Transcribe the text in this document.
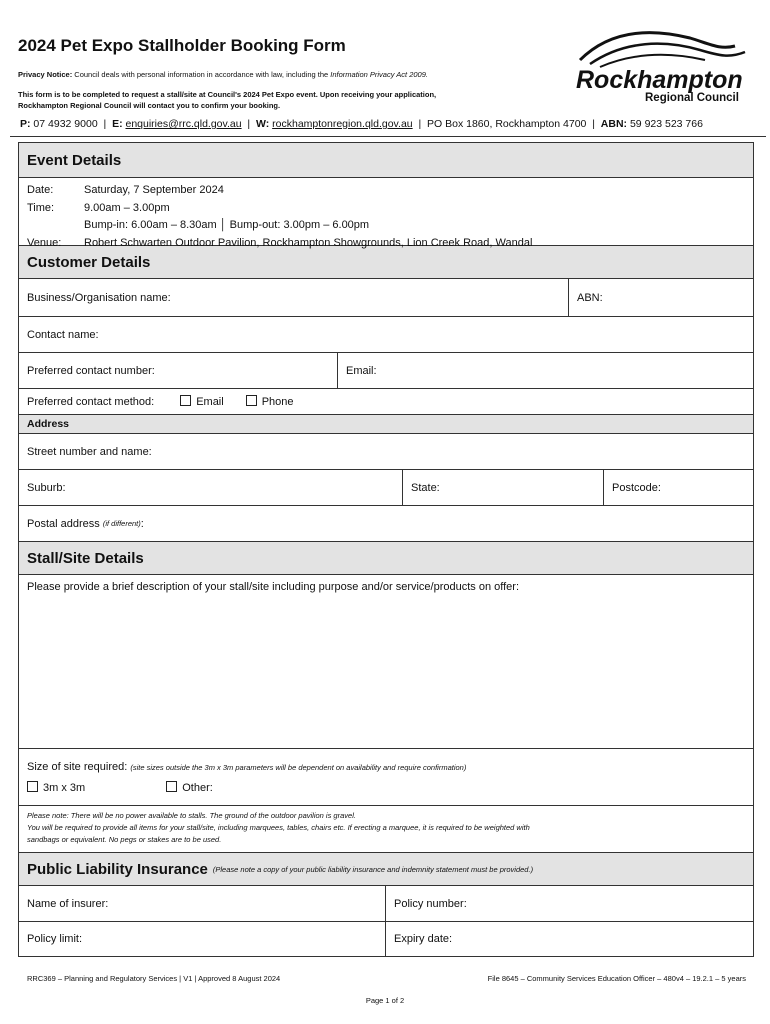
2024 Pet Expo Stallholder Booking Form
Privacy Notice: Council deals with personal information in accordance with law, including the Information Privacy Act 2009.
This form is to be completed to request a stall/site at Council's 2024 Pet Expo event. Upon receiving your application,
Rockhampton Regional Council will contact you to confirm your booking.
Rockhampton
Regional Council
P: 07 4932 9000  |  E: enquiries@rrc.qld.gov.au  |  W: rockhamptonregion.qld.gov.au  |  PO Box 1860, Rockhampton 4700  |  ABN: 59 923 523 766
Event Details
Date:	Saturday, 7 September 2024
Time:	9.00am – 3.00pm
Bump-in: 6.00am – 8.30am │ Bump-out: 3.00pm – 6.00pm
Venue:	Robert Schwarten Outdoor Pavilion, Rockhampton Showgrounds, Lion Creek Road, Wandal
Customer Details
Business/Organisation name:	ABN:
Contact name:
Preferred contact number:	Email:
Preferred contact method:	Email	Phone
Address
Street number and name:
Suburb:	State:	Postcode:
Postal address
(if different) :
Stall/Site Details
Please provide a brief description of your stall/site including purpose and/or service/products on offer:
Size of site required: (site sizes outside the 3m x 3m parameters will be dependent on availability and require confirmation)
3m x 3m	Other:
Please note: There will be no power available to stalls. The ground of the outdoor pavilion is gravel.
You will be required to provide all items for your stall/site, including marquees, tables, chairs etc. If erecting a marquee, it is required to be weighted with
sandbags or equivalent. No pegs or stakes are to be used.
Public Liability Insurance (Please note a copy of your public liability insurance and indemnity statement must be provided.)
Name of insurer:	Policy number:
Policy limit:	Expiry date:
RRC369 – Planning and Regulatory Services | V1 | Approved 8 August 2024	File 8645 – Community Services Education Officer – 480v4 – 19.2.1 – 5 years
Page 1 of 2
